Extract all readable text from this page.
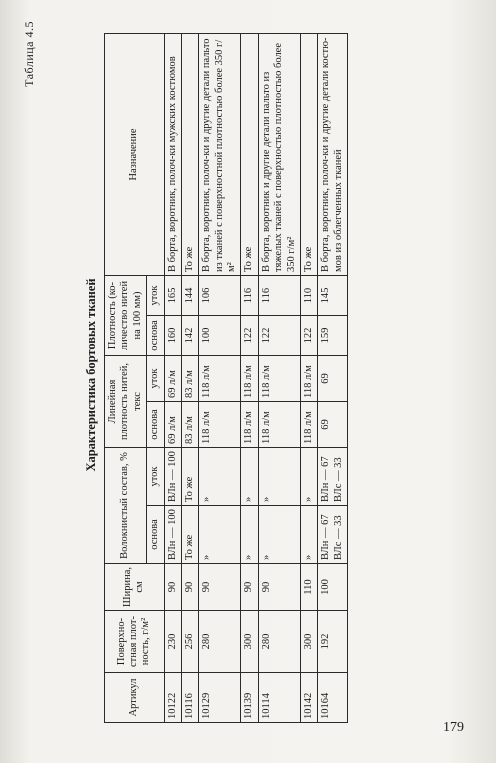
Таблица 4.5
Характеристика бортовых тканей
Артикул	Поверхно-стная плот-ность, г/м²	Ширина, см	Волокнистый состав, %		Линейная плотность нитей, текс		Плотность (ко-личество нитей на 100 мм)		Назначение
			основа	уток	основа	уток	основа	уток	
10122	230	90	ВЛн — 100	ВЛн — 100	69 л/м	69 л/м	160	165	В борта, воротник, полоч-ки мужских костюмов
10116	256	90	То же	То же	83 л/м	83 л/м	142	144	То же
10129	280	90	»	»	118 л/м	118 л/м	100	106	В борта, воротник, полоч-ки и другие детали пальто из тканей с поверхностной плотностью более 350 г/м²
10139	300	90	»	»	118 л/м	118 л/м	122	116	То же
10114	280	90	»	»	118 л/м	118 л/м	122	116	В борта, воротник и другие детали пальто из тяжелых тканей с поверхностью плотностью более 350 г/м²
10142	300	110	»	»	118 л/м	118 л/м	122	110	То же
10164	192	100	ВЛн — 67 ВЛс — 33	ВЛн — 67 ВЛс — 33	69	69	159	145	В борта, воротник, полоч-ки и другие детали костю-мов из облегченных тканей
179
